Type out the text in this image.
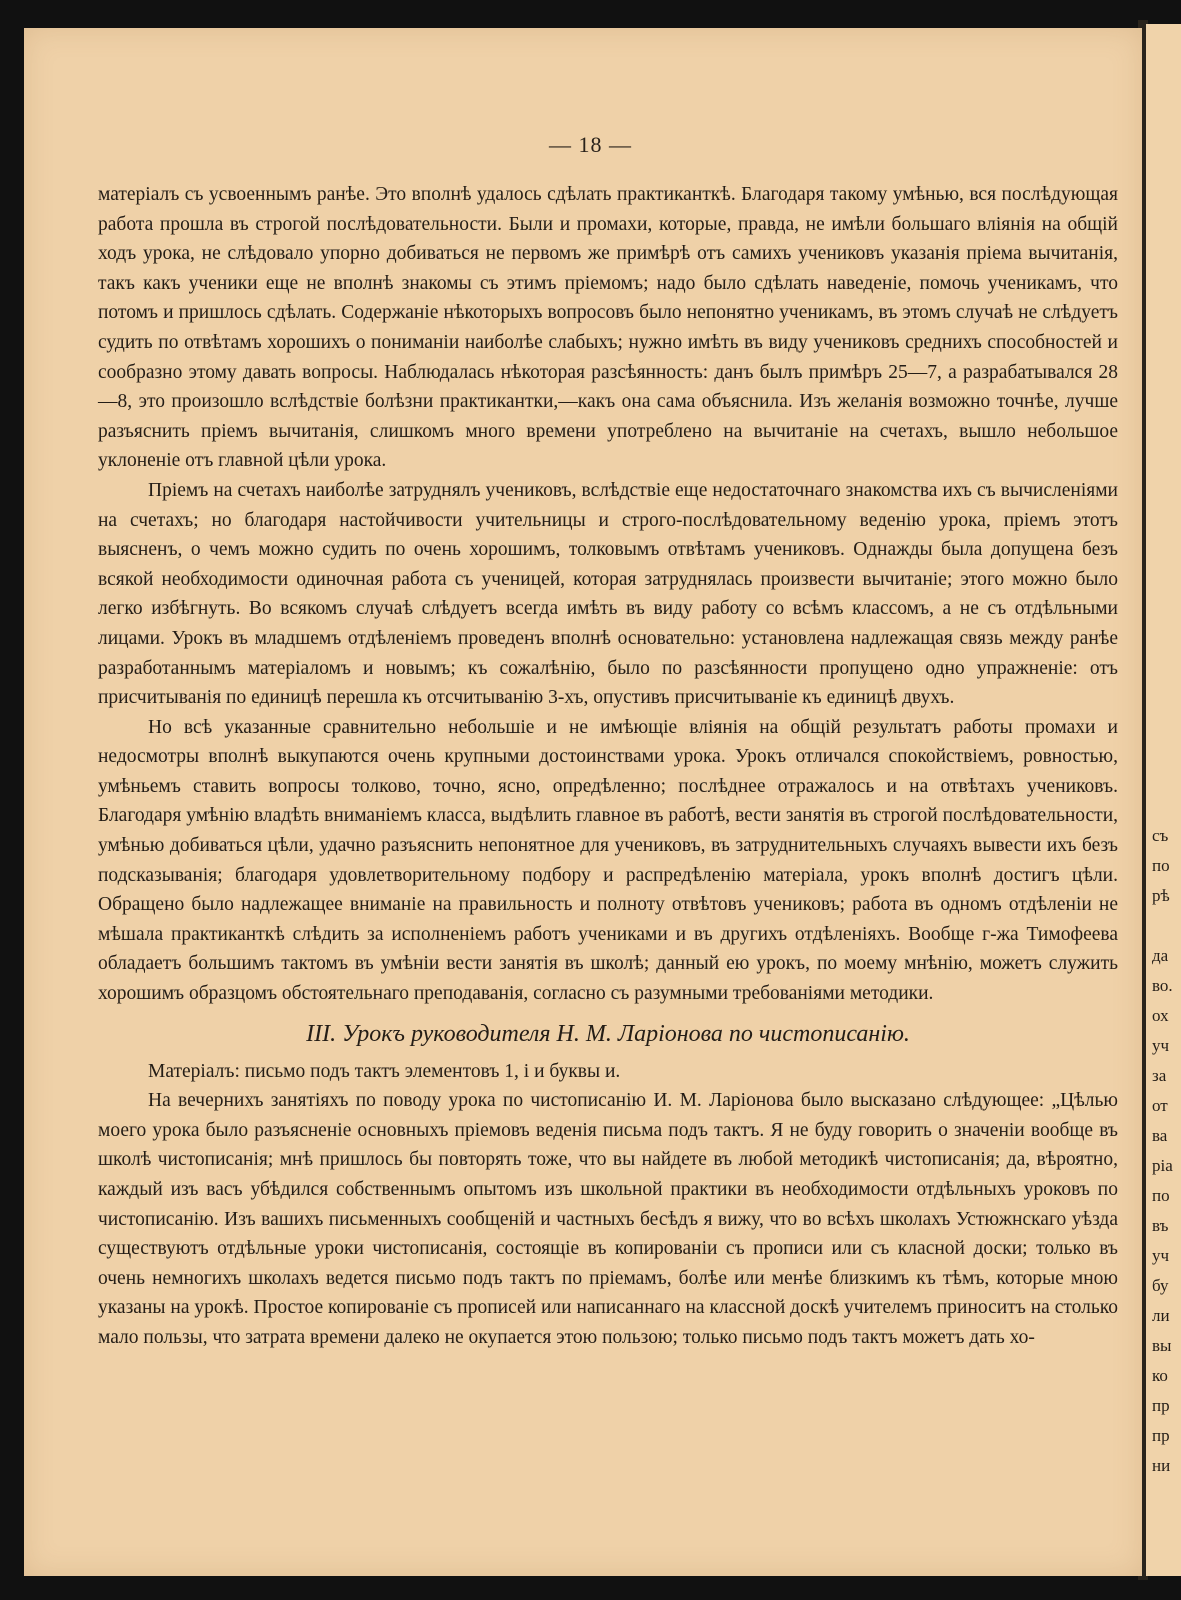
съ
по
рѣ
да
во.
ох
уч
за
от
ва
ріа
по
въ
уч
бу
ли
вы
ко
пр
пр
ни
— 18 —

матеріалъ съ усвоеннымъ ранѣе. Это вполнѣ удалось сдѣлать практиканткѣ. Благодаря такому умѣнью, вся послѣдующая работа прошла въ строгой послѣдовательности. Были и промахи, которые, правда, не имѣли большаго вліянія на общій ходъ урока, не слѣдовало упорно добиваться не первомъ же примѣрѣ отъ самихъ учениковъ указанія пріема вычитанія, такъ какъ ученики еще не вполнѣ знакомы съ этимъ пріемомъ; надо было сдѣлать наведеніе, помочь ученикамъ, что потомъ и пришлось сдѣлать. Содержаніе нѣкоторыхъ вопросовъ было непонятно ученикамъ, въ этомъ случаѣ не слѣдуетъ судить по отвѣтамъ хорошихъ о пониманіи наиболѣе слабыхъ; нужно имѣть въ виду учениковъ среднихъ способностей и сообразно этому давать вопросы. Наблюдалась нѣкоторая разсѣянность: данъ былъ примѣръ 25—7, а разрабатывался 28—8, это произошло вслѣдствіе болѣзни практикантки,—какъ она сама объяснила. Изъ желанія возможно точнѣе, лучше разъяснить пріемъ вычитанія, слишкомъ много времени употреблено на вычитаніе на счетахъ, вышло небольшое уклоненіе отъ главной цѣли урока.

Пріемъ на счетахъ наиболѣе затруднялъ учениковъ, вслѣдствіе еще недостаточнаго знакомства ихъ съ вычисленіями на счетахъ; но благодаря настойчивости учительницы и строго-послѣдовательному веденію урока, пріемъ этотъ выясненъ, о чемъ можно судить по очень хорошимъ, толковымъ отвѣтамъ учениковъ. Однажды была допущена безъ всякой необходимости одиночная работа съ ученицей, которая затруднялась произвести вычитаніе; этого можно было легко избѣгнуть. Во всякомъ случаѣ слѣдуетъ всегда имѣть въ виду работу со всѣмъ классомъ, а не съ отдѣльными лицами. Урокъ въ младшемъ отдѣленіемъ проведенъ вполнѣ основательно: установлена надлежащая связь между ранѣе разработаннымъ матеріаломъ и новымъ; къ сожалѣнію, было по разсѣянности пропущено одно упражненіе: отъ присчитыванія по единицѣ перешла къ отсчитыванію 3-хъ, опустивъ присчитываніе къ единицѣ двухъ.

Но всѣ указанные сравнительно небольшіе и не имѣющіе вліянія на общій результатъ работы промахи и недосмотры вполнѣ выкупаются очень крупными достоинствами урока. Урокъ отличался спокойствіемъ, ровностью, умѣньемъ ставить вопросы толково, точно, ясно, опредѣленно; послѣднее отражалось и на отвѣтахъ учениковъ. Благодаря умѣнію владѣть вниманіемъ класса, выдѣлить главное въ работѣ, вести занятія въ строгой послѣдовательности, умѣнью добиваться цѣли, удачно разъяснить непонятное для учениковъ, въ затруднительныхъ случаяхъ вывести ихъ безъ подсказыванія; благодаря удовлетворительному подбору и распредѣленію матеріала, урокъ вполнѣ достигъ цѣли. Обращено было надлежащее вниманіе на правильность и полноту отвѣтовъ учениковъ; работа въ одномъ отдѣленіи не мѣшала практиканткѣ слѣдить за исполненіемъ работъ учениками и въ другихъ отдѣленіяхъ. Вообще г-жа Тимофеева обладаетъ большимъ тактомъ въ умѣніи вести занятія въ школѣ; данный ею урокъ, по моему мнѣнію, можетъ служить хорошимъ образцомъ обстоятельнаго преподаванія, согласно съ разумными требованіями методики.

III. Урокъ руководителя Н. М. Ларіонова по чистописанію.

Матеріалъ: письмо подъ тактъ элементовъ 1, і и буквы и.

На вечернихъ занятіяхъ по поводу урока по чистописанію И. М. Ларіонова было высказано слѣдующее: „Цѣлью моего урока было разъясненіе основныхъ пріемовъ веденія письма подъ тактъ. Я не буду говорить о значеніи вообще въ школѣ чистописанія; мнѣ пришлось бы повторять тоже, что вы найдете въ любой методикѣ чистописанія; да, вѣроятно, каждый изъ васъ убѣдился собственнымъ опытомъ изъ школьной практики въ необходимости отдѣльныхъ уроковъ по чистописанію. Изъ вашихъ письменныхъ сообщеній и частныхъ бесѣдъ я вижу, что во всѣхъ школахъ Устюжнскаго уѣзда существуютъ отдѣльные уроки чистописанія, состоящіе въ копированіи съ прописи или съ класной доски; только въ очень немногихъ школахъ ведется письмо подъ тактъ по пріемамъ, болѣе или менѣе близкимъ къ тѣмъ, которые мною указаны на урокѣ. Простое копированіе съ прописей или написаннаго на классной доскѣ учителемъ приноситъ на столько мало пользы, что затрата времени далеко не окупается этою пользою; только письмо подъ тактъ можетъ дать хо-
